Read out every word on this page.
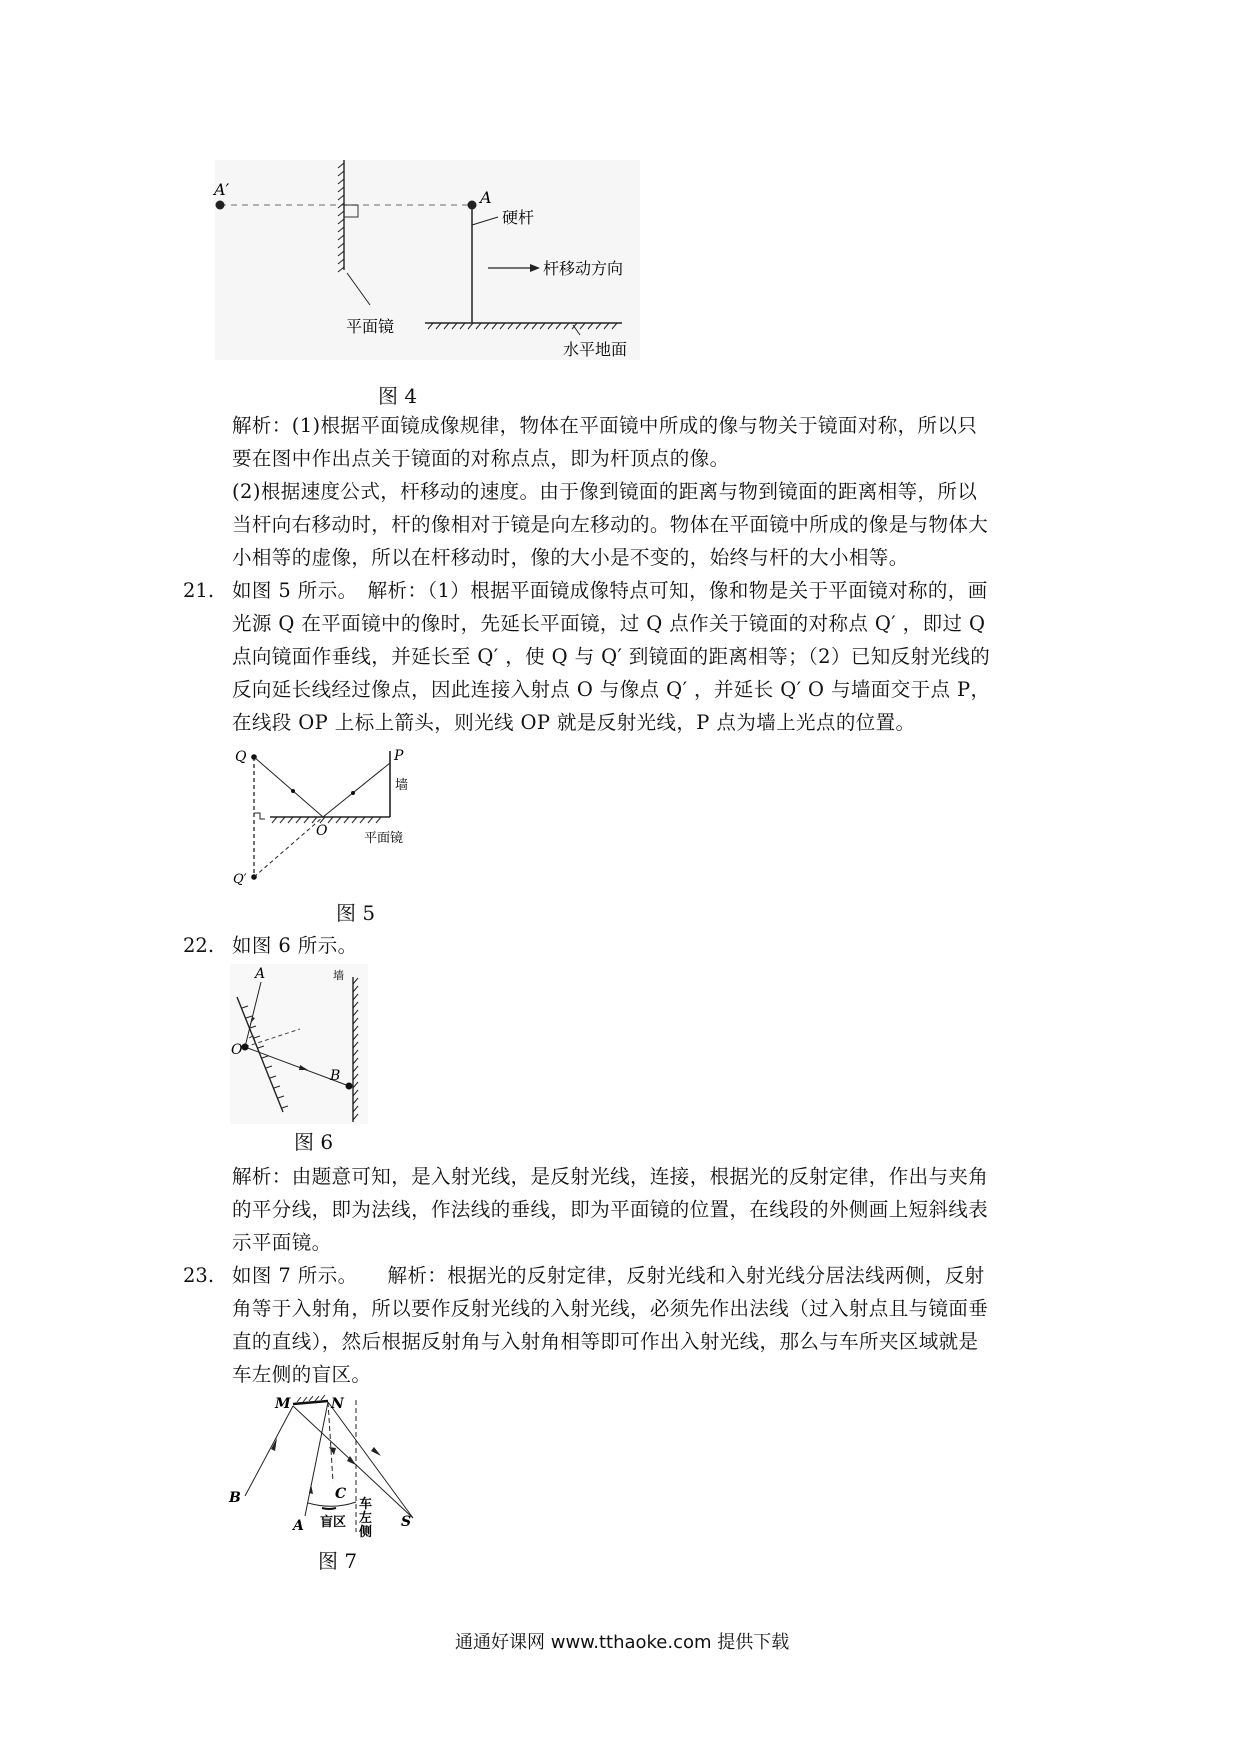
A′	A
硬杆
杆移动方向
平面镜
水平地面
图 4
解析：(1)根据平面镜成像规律，物体在平面镜中所成的像与物关于镜面对称，所以只
要在图中作出点关于镜面的对称点点，即为杆顶点的像。
(2)根据速度公式，杆移动的速度。由于像到镜面的距离与物到镜面的距离相等，所以
当杆向右移动时，杆的像相对于镜是向左移动的。物体在平面镜中所成的像是与物体大
小相等的虚像，所以在杆移动时，像的大小是不变的，始终与杆的大小相等。
21. 如图 5 所示。　解析：（1）根据平面镜成像特点可知，像和物是关于平面镜对称的，画
光源 Q 在平面镜中的像时，先延长平面镜，过 Q 点作关于镜面的对称点 Q′ ，即过 Q
点向镜面作垂线，并延长至 Q′ ，使 Q 与 Q′ 到镜面的距离相等；（2）已知反射光线的
反向延长线经过像点，因此连接入射点 O 与像点 Q′ ，并延长 Q′ O 与墙面交于点 P，
在线段 OP 上标上箭头，则光线 OP 就是反射光线，P 点为墙上光点的位置。
Q	P
墙
O	平面镜
Q′
图 5
22. 如图 6 所示。
A	墙
O
B
图 6
解析：由题意可知，是入射光线，是反射光线，连接，根据光的反射定律，作出与夹角
的平分线，即为法线，作法线的垂线，即为平面镜的位置，在线段的外侧画上短斜线表
示平面镜。
23. 如图 7 所示。　　解析：根据光的反射定律，反射光线和入射光线分居法线两侧，反射
角等于入射角，所以要作反射光线的入射光线，必须先作出法线（过入射点且与镜面垂
直的直线），然后根据反射角与入射角相等即可作出入射光线，那么与车所夹区域就是
车左侧的盲区。
M	N
B	C
A 盲区
车左侧
S
图 7
通通好课网 www.tthaoke.com 提供下载
